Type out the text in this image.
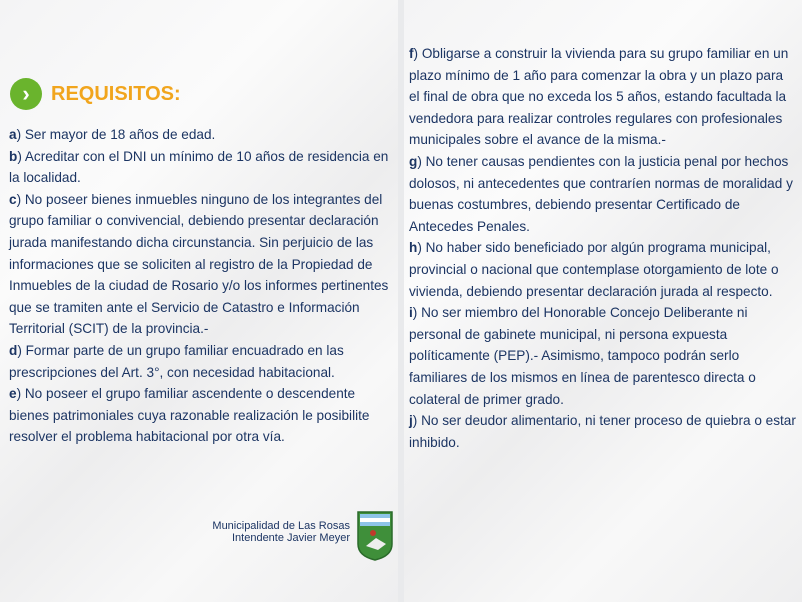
›	REQUISITOS:

a) Ser mayor de 18 años de edad.

b) Acreditar con el DNI un mínimo de 10 años de residencia en la localidad.

c) No poseer bienes inmuebles ninguno de los integrantes del grupo familiar o convivencial, debiendo presentar declaración jurada manifestando dicha circunstancia. Sin perjuicio de las informaciones que se soliciten al registro de la Propiedad de Inmuebles de la ciudad de Rosario y/o los informes pertinentes que se tramiten ante el Servicio de Catastro e Información Territorial (SCIT) de la provincia.-

d) Formar parte de un grupo familiar encuadrado en las prescripciones del Art. 3°, con necesidad habitacional.

e) No poseer el grupo familiar ascendente o descendente bienes patrimoniales cuya razonable realización le posibilite resolver el problema habitacional por otra vía.

Municipalidad de Las Rosas
Intendente Javier Meyer

f) Obligarse a construir la vivienda para su grupo familiar en un plazo mínimo de 1 año para comenzar la obra y un plazo para el final de obra que no exceda los 5 años, estando facultada la vendedora para realizar controles regulares con profesionales municipales sobre el avance de la misma.-

g) No tener causas pendientes con la justicia penal por hechos dolosos, ni antecedentes que contraríen normas de moralidad y buenas costumbres, debiendo presentar Certificado de Antecedes Penales.

h) No haber sido beneficiado por algún programa municipal, provincial o nacional que contemplase otorgamiento de lote o vivienda, debiendo presentar declaración jurada al respecto.

i) No ser miembro del Honorable Concejo Deliberante ni personal de gabinete municipal, ni persona expuesta políticamente (PEP).- Asimismo, tampoco podrán serlo familiares de los mismos en línea de parentesco directa o colateral de primer grado.

j) No ser deudor alimentario, ni tener proceso de quiebra o estar inhibido.
